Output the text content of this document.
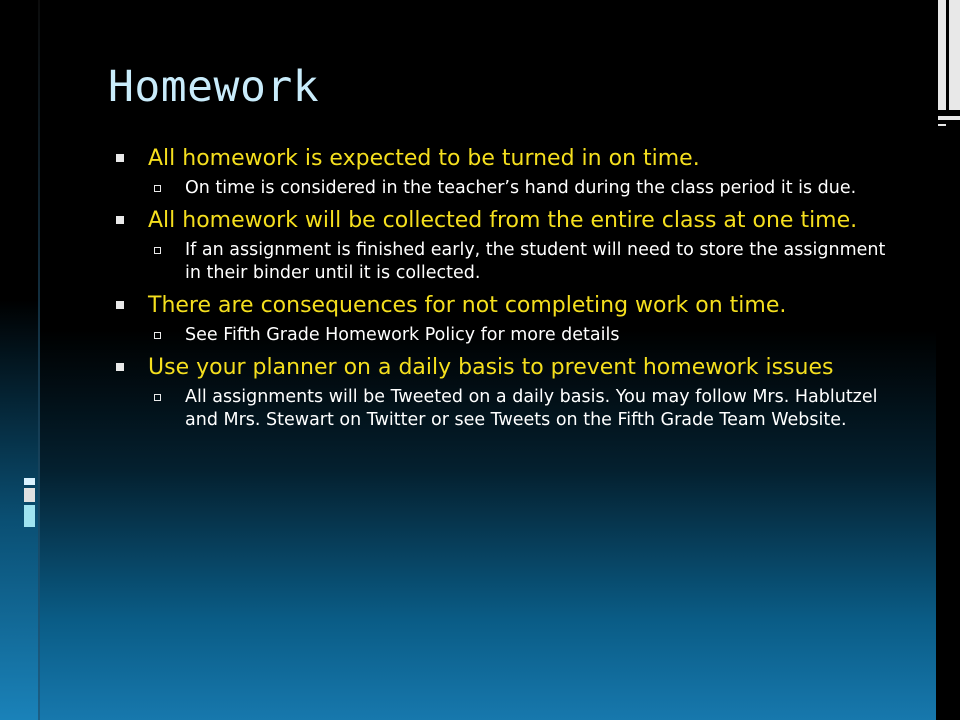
Homework
All homework is expected to be turned in on time.
On time is considered in the teacher’s hand during the class period it is due.
All homework will be collected from the entire class at one time.
If an assignment is finished early, the student will need to store the assignment in their binder until it is collected.
There are consequences for not completing work on time.
See Fifth Grade Homework Policy for more details
Use your planner on a daily basis to prevent homework issues
All assignments will be Tweeted on a daily basis. You may follow Mrs. Hablutzel and Mrs. Stewart on Twitter or see Tweets on the Fifth Grade Team Website.
